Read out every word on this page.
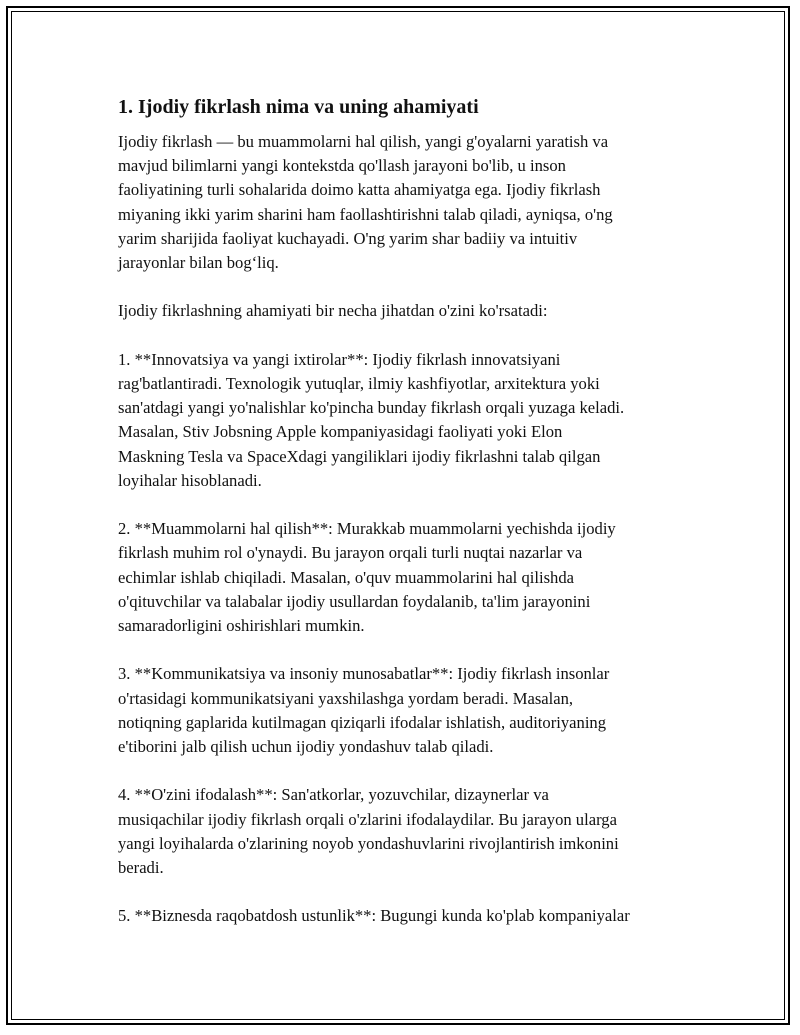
1. Ijodiy fikrlash nima va uning ahamiyati

Ijodiy fikrlash — bu muammolarni hal qilish, yangi g'oyalarni yaratish va
mavjud bilimlarni yangi kontekstda qo'llash jarayoni bo'lib, u inson
faoliyatining turli sohalarida doimo katta ahamiyatga ega. Ijodiy fikrlash
miyaning ikki yarim sharini ham faollashtirishni talab qiladi, ayniqsa, o'ng
yarim sharijida faoliyat kuchayadi. O'ng yarim shar badiiy va intuitiv
jarayonlar bilan bog‘liq.

Ijodiy fikrlashning ahamiyati bir necha jihatdan o'zini ko'rsatadi:

1. **Innovatsiya va yangi ixtirolar**: Ijodiy fikrlash innovatsiyani
rag'batlantiradi. Texnologik yutuqlar, ilmiy kashfiyotlar, arxitektura yoki
san'atdagi yangi yo'nalishlar ko'pincha bunday fikrlash orqali yuzaga keladi.
Masalan, Stiv Jobsning Apple kompaniyasidagi faoliyati yoki Elon
Maskning Tesla va SpaceXdagi yangiliklari ijodiy fikrlashni talab qilgan
loyihalar hisoblanadi.

2. **Muammolarni hal qilish**: Murakkab muammolarni yechishda ijodiy
fikrlash muhim rol o'ynaydi. Bu jarayon orqali turli nuqtai nazarlar va
echimlar ishlab chiqiladi. Masalan, o'quv muammolarini hal qilishda
o'qituvchilar va talabalar ijodiy usullardan foydalanib, ta'lim jarayonini
samaradorligini oshirishlari mumkin.

3. **Kommunikatsiya va insoniy munosabatlar**: Ijodiy fikrlash insonlar
o'rtasidagi kommunikatsiyani yaxshilashga yordam beradi. Masalan,
notiqning gaplarida kutilmagan qiziqarli ifodalar ishlatish, auditoriyaning
e'tiborini jalb qilish uchun ijodiy yondashuv talab qiladi.

4. **O'zini ifodalash**: San'atkorlar, yozuvchilar, dizaynerlar va
musiqachilar ijodiy fikrlash orqali o'zlarini ifodalaydilar. Bu jarayon ularga
yangi loyihalarda o'zlarining noyob yondashuvlarini rivojlantirish imkonini
beradi.

5. **Biznesda raqobatdosh ustunlik**: Bugungi kunda ko'plab kompaniyalar
